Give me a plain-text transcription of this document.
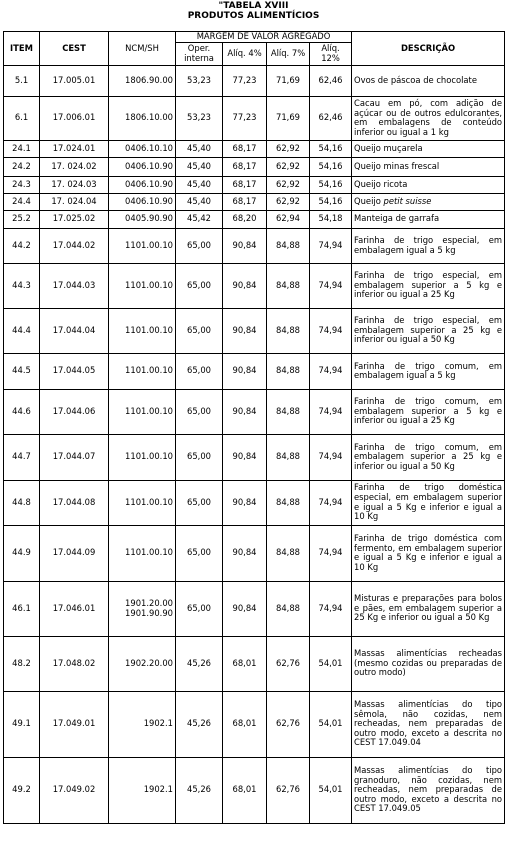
"TABELA XVIII
PRODUTOS ALIMENTÍCIOS
ITEM	CEST	NCM/SH	MARGEM DE VALOR AGREGADO				DESCRIÇÃO
			Oper. interna	Alíq. 4%	Alíq. 7%	Alíq. 12%	
5.1	17.005.01	1806.90.00	53,23	77,23	71,69	62,46	Ovos de páscoa de chocolate
6.1	17.006.01	1806.10.00	53,23	77,23	71,69	62,46	Cacau em pó, com adição de açúcar ou de outros edulcorantes, em embalagens de conteúdo inferior ou igual a 1 kg
24.1	17.024.01	0406.10.10	45,40	68,17	62,92	54,16	Queijo muçarela
24.2	17. 024.02	0406.10.90	45,40	68,17	62,92	54,16	Queijo minas frescal
24.3	17. 024.03	0406.10.90	45,40	68,17	62,92	54,16	Queijo ricota
24.4	17. 024.04	0406.10.90	45,40	68,17	62,92	54,16	Queijo petit suisse
25.2	17.025.02	0405.90.90	45,42	68,20	62,94	54,18	Manteiga de garrafa
44.2	17.044.02	1101.00.10	65,00	90,84	84,88	74,94	Farinha de trigo especial, em embalagem igual a 5 kg
44.3	17.044.03	1101.00.10	65,00	90,84	84,88	74,94	Farinha de trigo especial, em embalagem superior a 5 kg e inferior ou igual a 25 Kg
44.4	17.044.04	1101.00.10	65,00	90,84	84,88	74,94	Farinha de trigo especial, em embalagem superior a 25 kg e inferior ou igual a 50 Kg
44.5	17.044.05	1101.00.10	65,00	90,84	84,88	74,94	Farinha de trigo comum, em embalagem igual a 5 kg
44.6	17.044.06	1101.00.10	65,00	90,84	84,88	74,94	Farinha de trigo comum, em embalagem superior a 5 kg e inferior ou igual a 25 Kg
44.7	17.044.07	1101.00.10	65,00	90,84	84,88	74,94	Farinha de trigo comum, em embalagem superior a 25 kg e inferior ou igual a 50 Kg
44.8	17.044.08	1101.00.10	65,00	90,84	84,88	74,94	Farinha de trigo doméstica especial, em embalagem superior e igual a 5 Kg e inferior e igual a 10 Kg
44.9	17.044.09	1101.00.10	65,00	90,84	84,88	74,94	Farinha de trigo doméstica com fermento, em embalagem superior e igual a 5 Kg e inferior e igual a 10 Kg
46.1	17.046.01	1901.20.00 1901.90.90	65,00	90,84	84,88	74,94	Misturas e preparações para bolos e pães, em embalagem superior a 25 Kg e inferior ou igual a 50 Kg
48.2	17.048.02	1902.20.00	45,26	68,01	62,76	54,01	Massas alimentícias recheadas (mesmo cozidas ou preparadas de outro modo)
49.1	17.049.01	1902.1	45,26	68,01	62,76	54,01	Massas alimentícias do tipo sêmola, não cozidas, nem recheadas, nem preparadas de outro modo, exceto a descrita no CEST 17.049.04
49.2	17.049.02	1902.1	45,26	68,01	62,76	54,01	Massas alimentícias do tipo granoduro, não cozidas, nem recheadas, nem preparadas de outro modo, exceto a descrita no CEST 17.049.05
